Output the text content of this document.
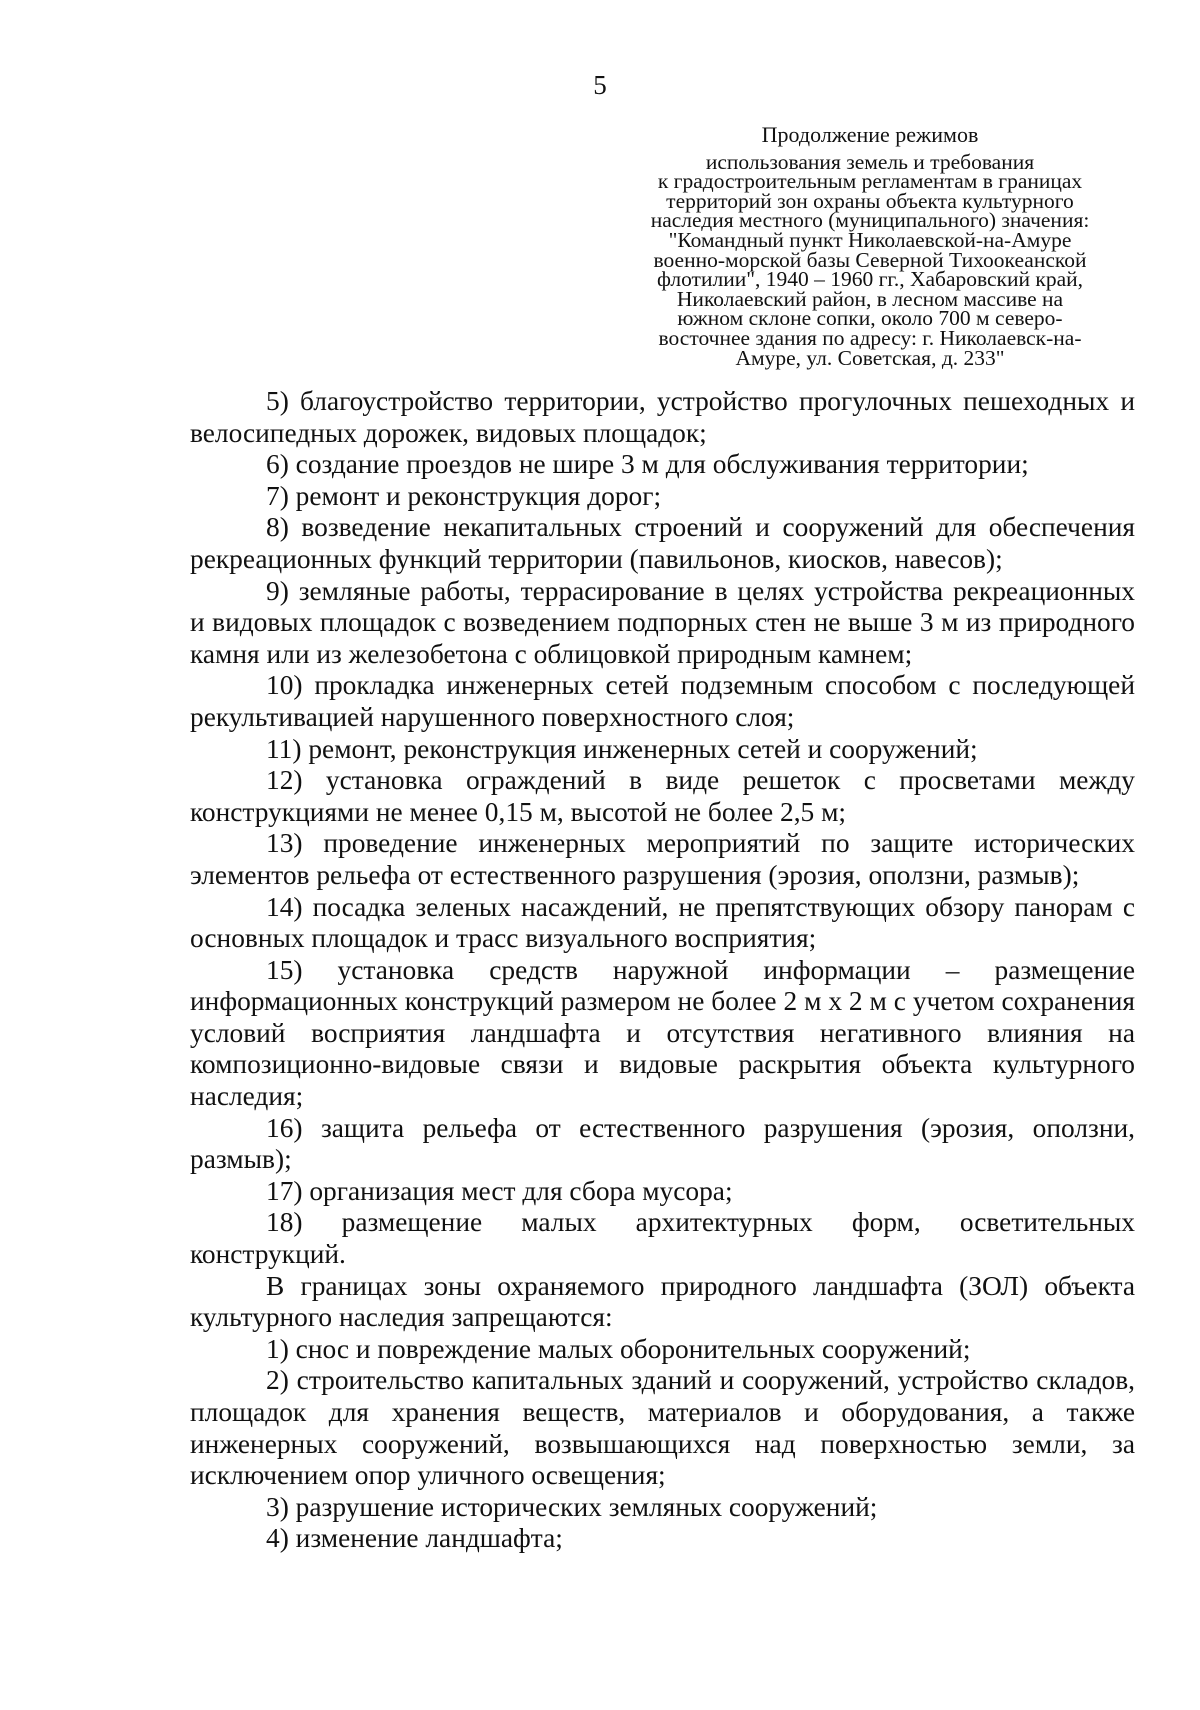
5
Продолжение режимов
использования земель и требования
к градостроительным регламентам в границах
территорий зон охраны объекта культурного
наследия местного (муниципального) значения:
"Командный пункт Николаевской-на-Амуре
военно-морской базы Северной Тихоокеанской
флотилии", 1940 – 1960 гг., Хабаровский край,
Николаевский район, в лесном массиве на
южном склоне сопки, около 700 м северо-
восточнее здания по адресу: г. Николаевск-на-
Амуре, ул. Советская, д. 233"

5) благоустройство территории, устройство прогулочных пешеходных и велосипедных дорожек, видовых площадок;

6) создание проездов не шире 3 м для обслуживания территории;

7) ремонт и реконструкция дорог;

8) возведение некапитальных строений и сооружений для обеспечения рекреационных функций территории (павильонов, киосков, навесов);

9) земляные работы, террасирование в целях устройства рекреационных и видовых площадок с возведением подпорных стен не выше 3 м из природного камня или из железобетона с облицовкой природным камнем;

10) прокладка инженерных сетей подземным способом с последующей рекультивацией нарушенного поверхностного слоя;

11) ремонт, реконструкция инженерных сетей и сооружений;

12) установка ограждений в виде решеток с просветами между конструкциями не менее 0,15 м, высотой не более 2,5 м;

13) проведение инженерных мероприятий по защите исторических элементов рельефа от естественного разрушения (эрозия, оползни, размыв);

14) посадка зеленых насаждений, не препятствующих обзору панорам с основных площадок и трасс визуального восприятия;

15) установка средств наружной информации – размещение информационных конструкций размером не более 2 м х 2 м с учетом сохранения условий восприятия ландшафта и отсутствия негативного влияния на композиционно-видовые связи и видовые раскрытия объекта культурного наследия;

16) защита рельефа от естественного разрушения (эрозия, оползни, размыв);

17) организация мест для сбора мусора;

18) размещение малых архитектурных форм, осветительных конструкций.

В границах зоны охраняемого природного ландшафта (ЗОЛ) объекта культурного наследия запрещаются:

1) снос и повреждение малых оборонительных сооружений;

2) строительство капитальных зданий и сооружений, устройство складов, площадок для хранения веществ, материалов и оборудования, а также инженерных сооружений, возвышающихся над поверхностью земли, за исключением опор уличного освещения;

3) разрушение исторических земляных сооружений;

4) изменение ландшафта;
